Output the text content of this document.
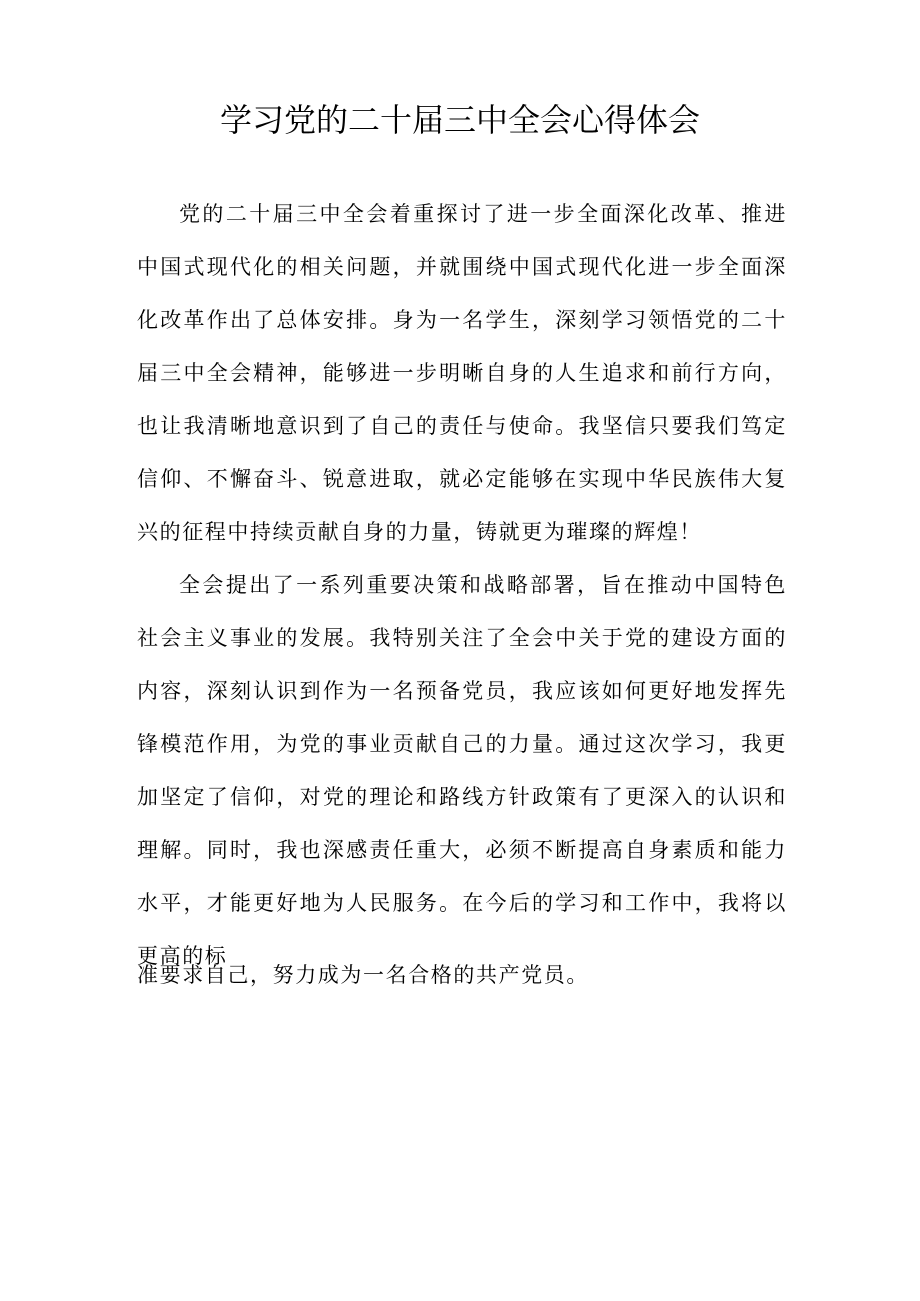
学习党的二十届三中全会心得体会

党的二十届三中全会着重探讨了进一步全面深化改革、推进中国式现代化的相关问题，并就围绕中国式现代化进一步全面深化改革作出了总体安排。身为一名学生，深刻学习领悟党的二十届三中全会精神，能够进一步明晰自身的人生追求和前行方向，也让我清晰地意识到了自己的责任与使命。我坚信只要我们笃定信仰、不懈奋斗、锐意进取，就必定能够在实现中华民族伟大复兴的征程中持续贡献自身的力量，铸就更为璀璨的辉煌！

全会提出了一系列重要决策和战略部署，旨在推动中国特色社会主义事业的发展。我特别关注了全会中关于党的建设方面的内容，深刻认识到作为一名预备党员，我应该如何更好地发挥先锋模范作用，为党的事业贡献自己的力量。通过这次学习，我更加坚定了信仰，对党的理论和路线方针政策有了更深入的认识和理解。同时，我也深感责任重大，必须不断提高自身素质和能力水平，才能更好地为人民服务。在今后的学习和工作中，我将以更高的标

准要求自己，努力成为一名合格的共产党员。
